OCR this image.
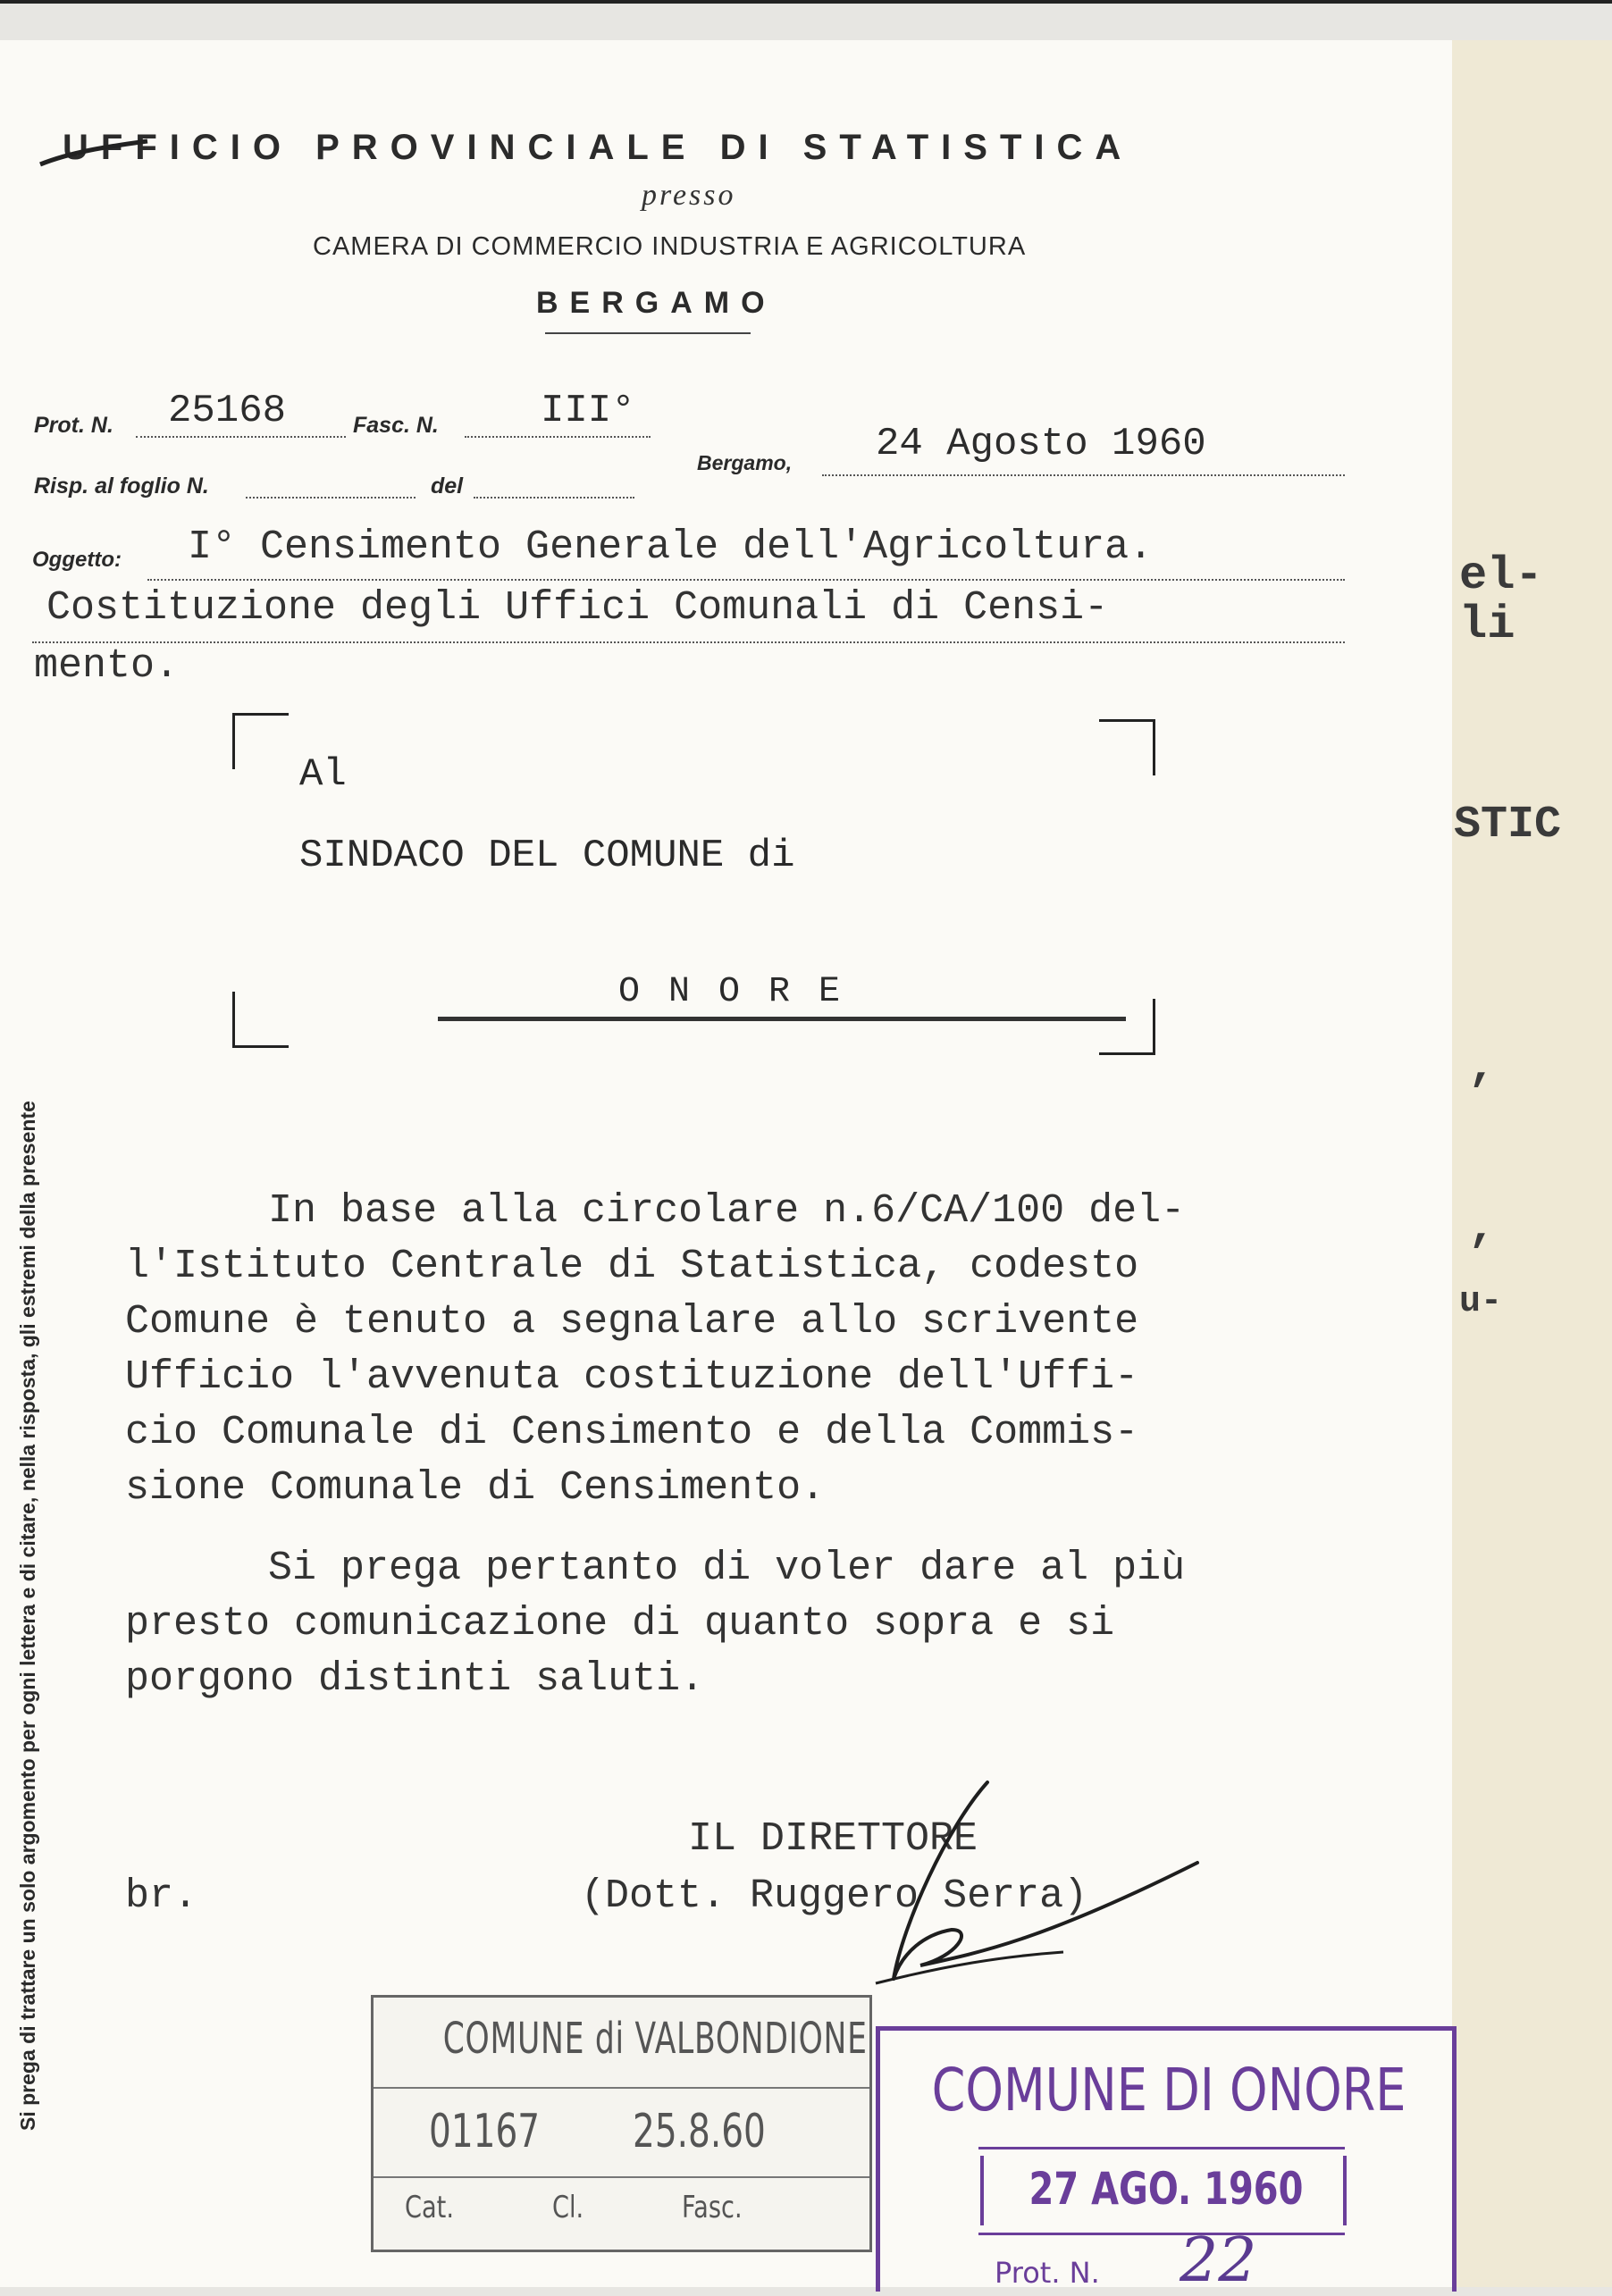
el-
li
STIC
,
,
u-
UFFICIO PROVINCIALE DI STATISTICA
presso
CAMERA DI COMMERCIO INDUSTRIA E AGRICOLTURA
BERGAMO
Prot. N. 25168	Fasc. N.	III°
Risp. al foglio N.	del
Bergamo, 24 Agosto 1960
Oggetto: I° Censimento Generale dell'Agricoltura.
Costituzione degli Uffici Comunali di Censi-
mento.
Al
SINDACO DEL COMUNE di
O N O R E
In base alla circolare n.6/CA/100 del-
l'Istituto Centrale di Statistica, codesto
Comune è tenuto a segnalare allo scrivente
Ufficio l'avvenuta costituzione dell'Uffi-
cio Comunale di Censimento e della Commis-
sione Comunale di Censimento.
Si prega pertanto di voler dare al più
presto comunicazione di quanto sopra e si
porgono distinti saluti.
IL DIRETTORE
(Dott. Ruggero Serra)
br.
Si prega di trattare un solo argomento per ogni lettera e di citare, nella risposta, gli estremi della presente	COMUNE di VALBONDIONE
01167 25.8.60
Cat.	Cl.	Fasc.
COMUNE DI ONORE
27 AGO. 1960
Prot. N. 22
